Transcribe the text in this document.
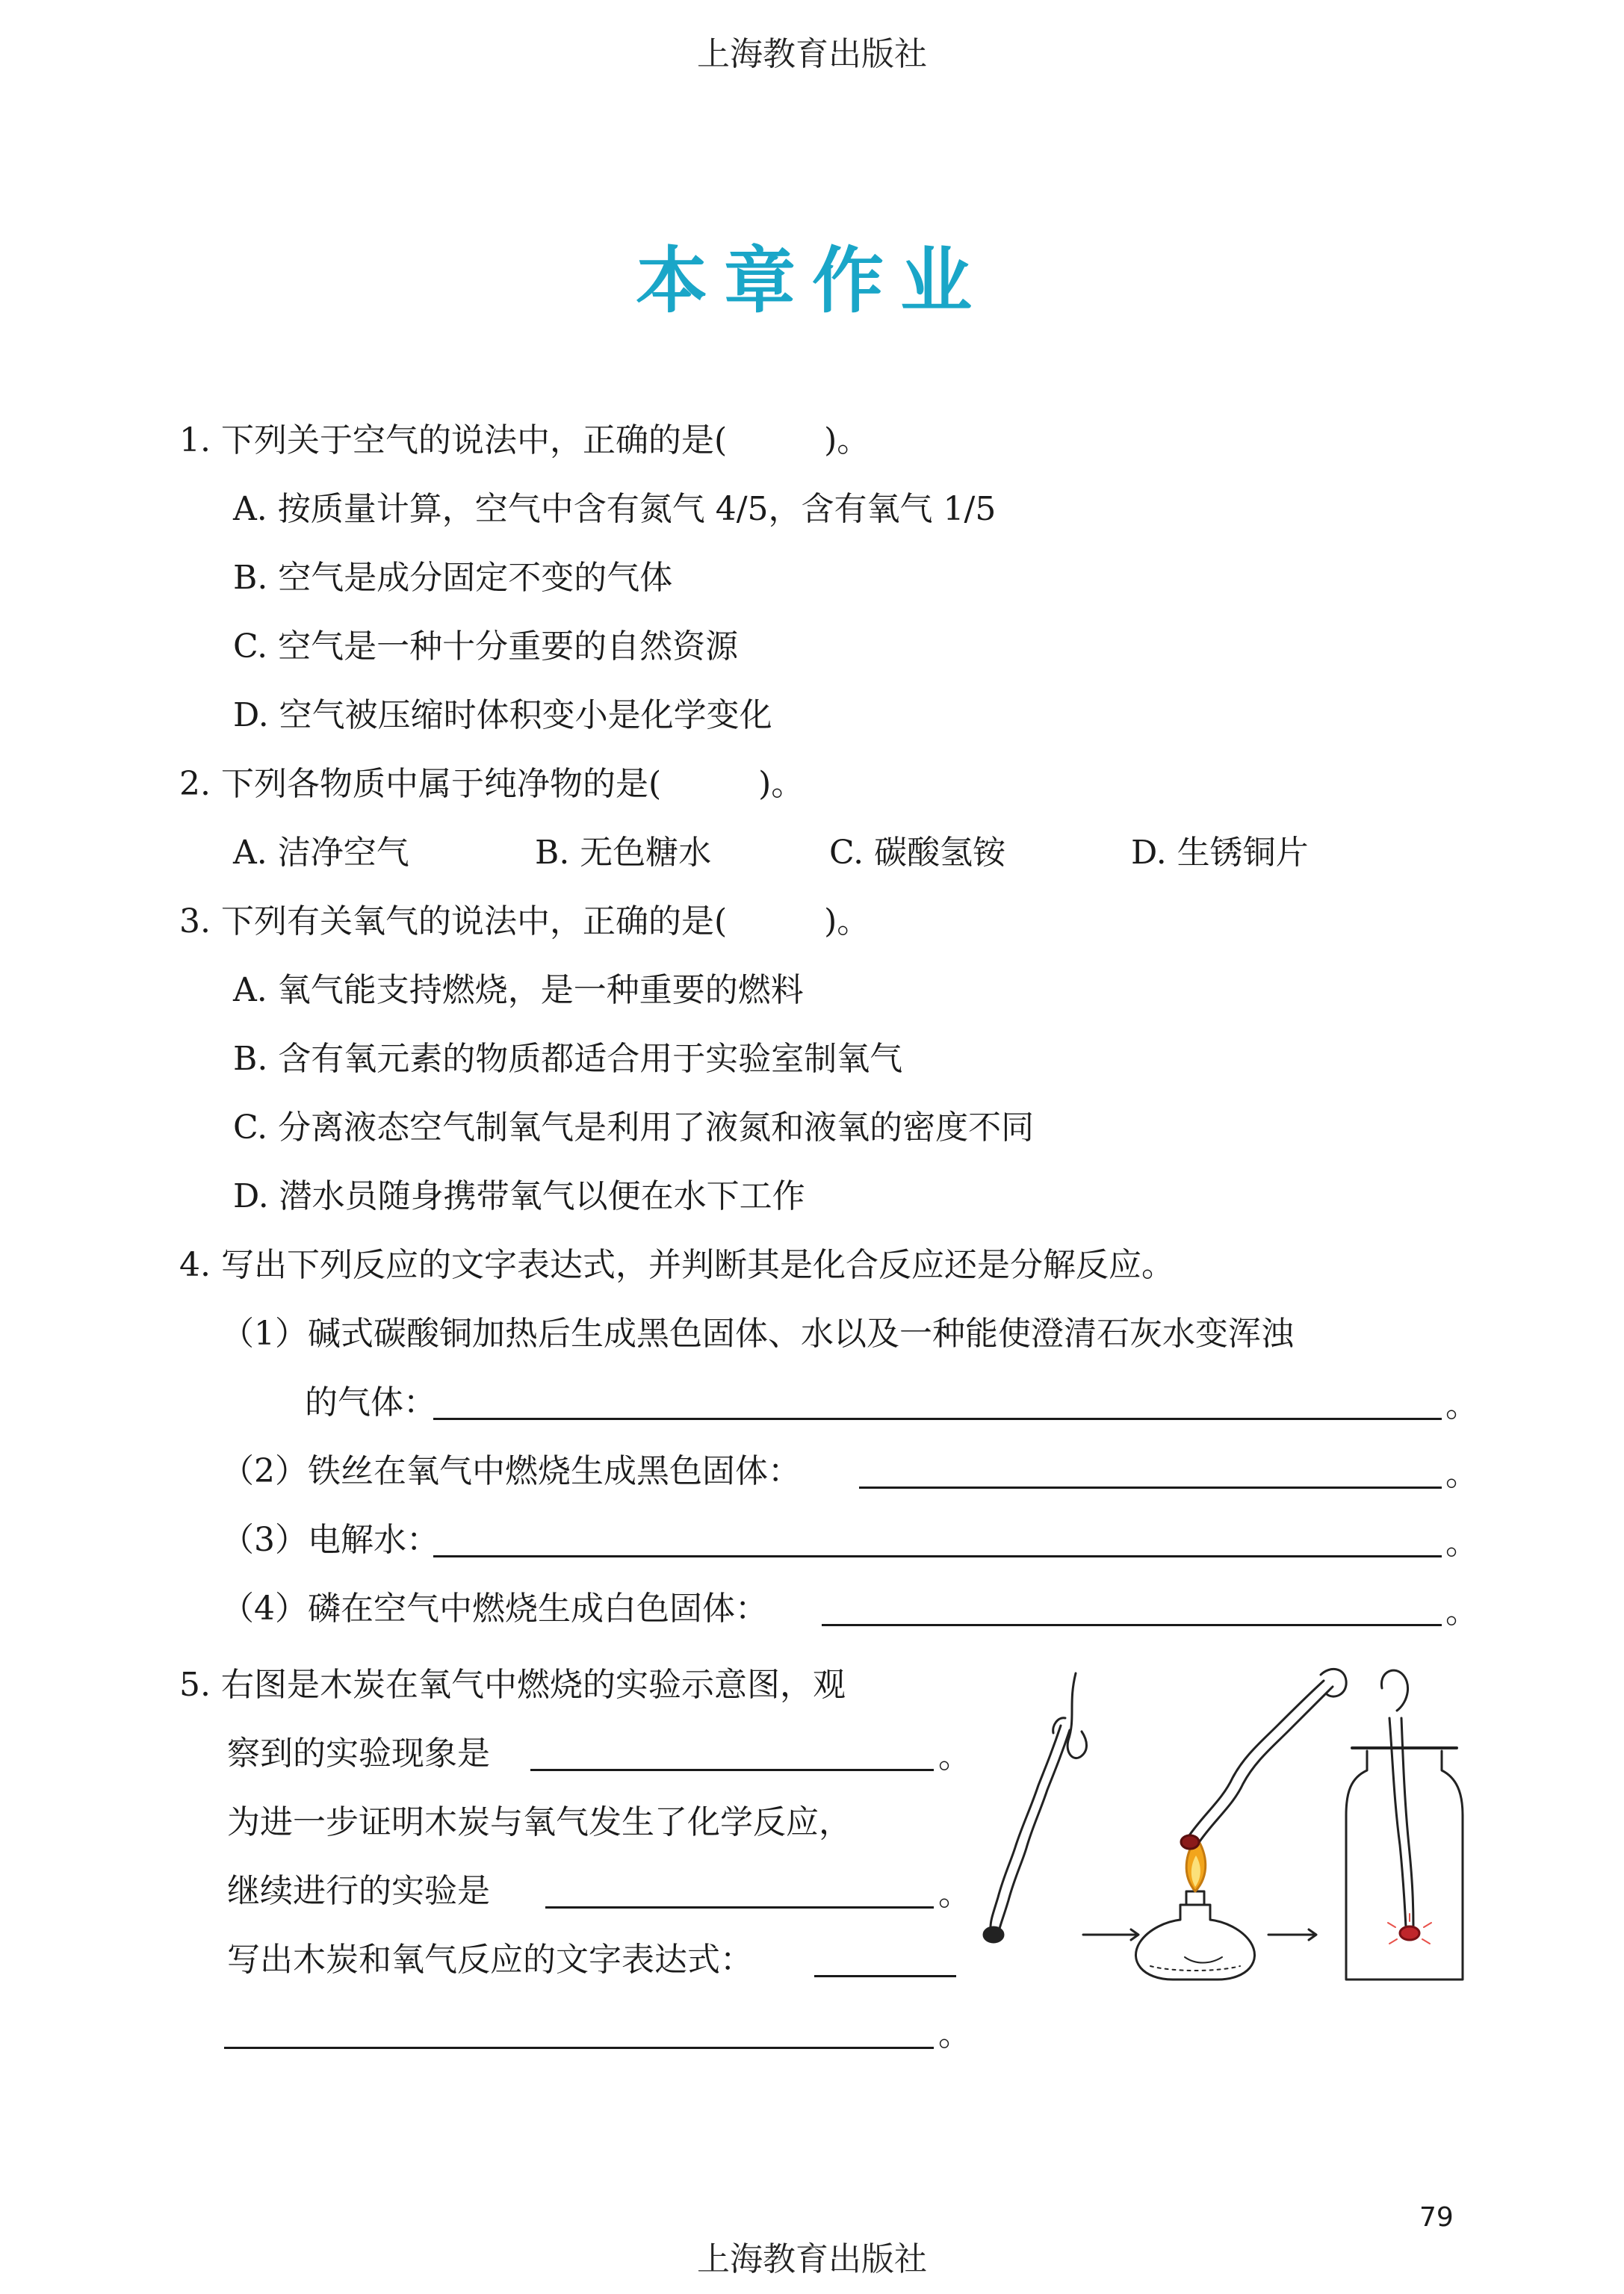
上海教育出版社
本章作业
1. 下列关于空气的说法中，正确的是(	)。
A. 按质量计算，空气中含有氮气 4/5，含有氧气 1/5
B. 空气是成分固定不变的气体
C. 空气是一种十分重要的自然资源
D. 空气被压缩时体积变小是化学变化
2. 下列各物质中属于纯净物的是(	)。
A. 洁净空气	B. 无色糖水	C. 碳酸氢铵	D. 生锈铜片
3. 下列有关氧气的说法中，正确的是(	)。
A. 氧气能支持燃烧，是一种重要的燃料
B. 含有氧元素的物质都适合用于实验室制氧气
C. 分离液态空气制氧气是利用了液氮和液氧的密度不同
D. 潜水员随身携带氧气以便在水下工作
4. 写出下列反应的文字表达式，并判断其是化合反应还是分解反应。
（1）碱式碳酸铜加热后生成黑色固体、水以及一种能使澄清石灰水变浑浊
的气体：	。
（2）铁丝在氧气中燃烧生成黑色固体：	。
（3）电解水：	。
（4）磷在空气中燃烧生成白色固体：	。
5. 右图是木炭在氧气中燃烧的实验示意图，观
察到的实验现象是	。
为进一步证明木炭与氧气发生了化学反应，
继续进行的实验是	。
写出木炭和氧气反应的文字表达式：
。
79
上海教育出版社
